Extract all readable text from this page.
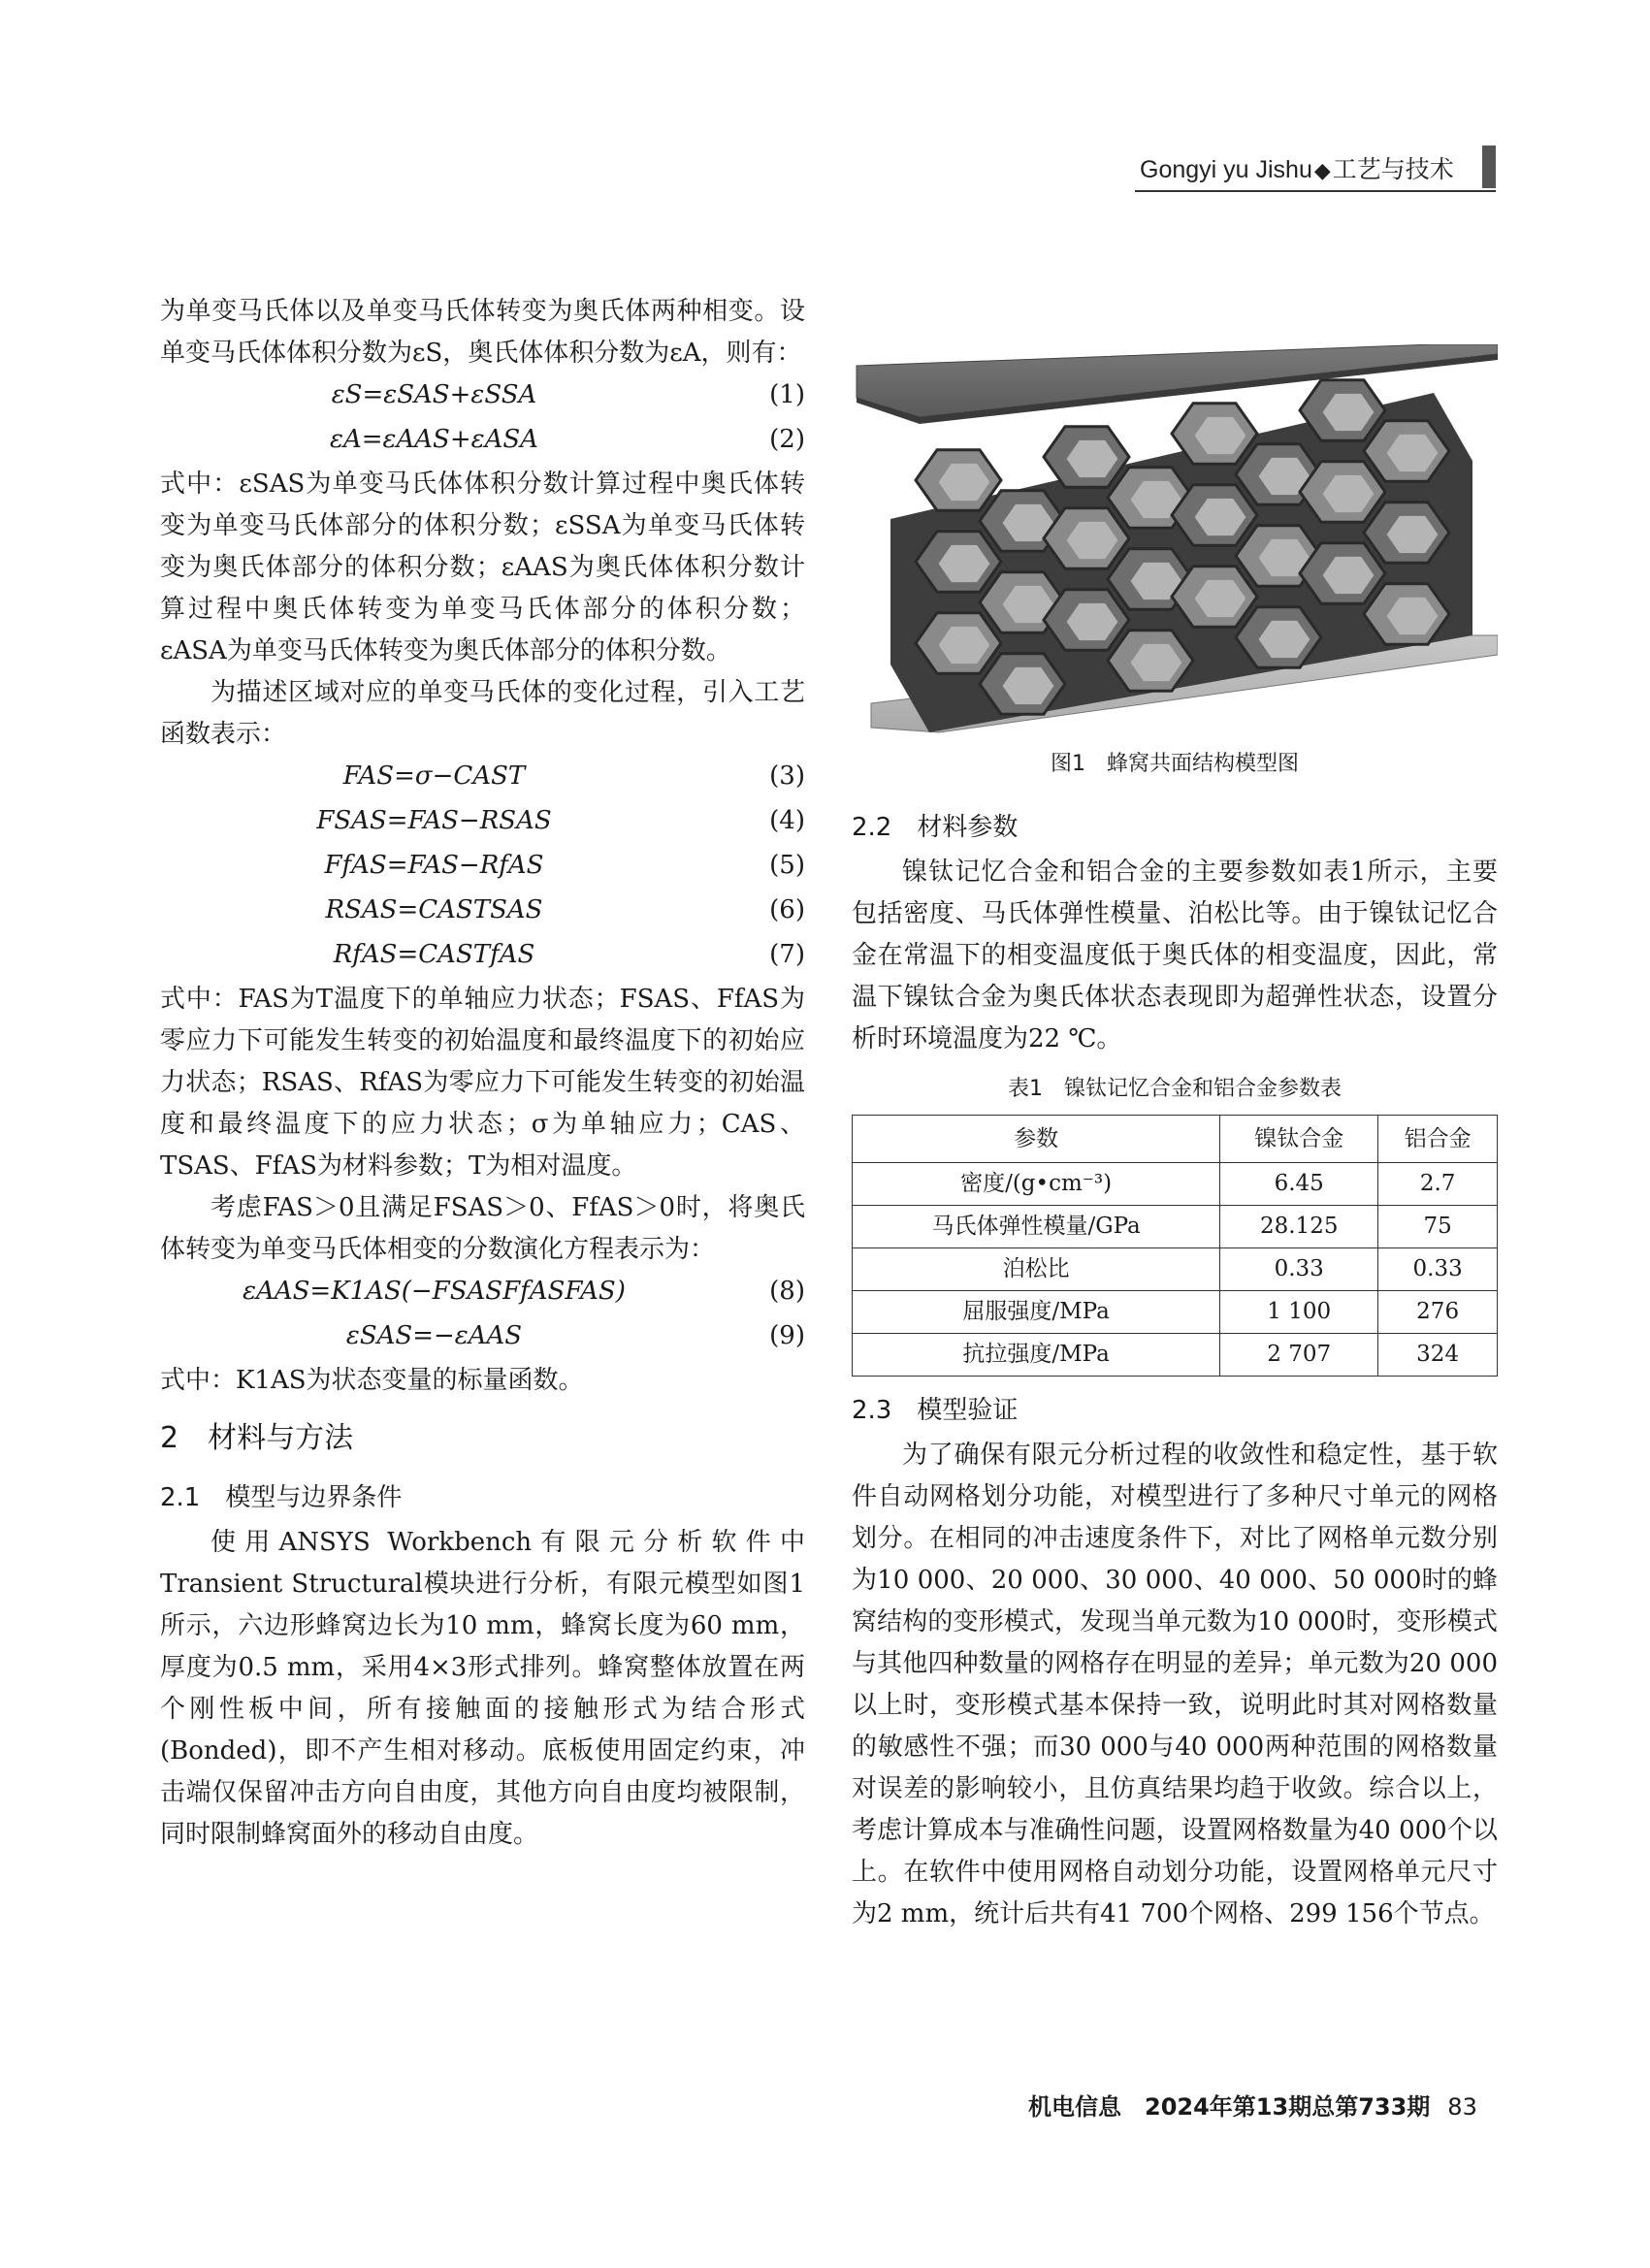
Gongyi yu Jishu◆工艺与技术

为单变马氏体以及单变马氏体转变为奥氏体两种相变。设单变马氏体体积分数为εS，奥氏体体积分数为εA，则有：

εS=εSAS+εSSA	(1)
εA=εAAS+εASA	(2)

式中：εSAS为单变马氏体体积分数计算过程中奥氏体转变为单变马氏体部分的体积分数；εSSA为单变马氏体转变为奥氏体部分的体积分数；εAAS为奥氏体体积分数计算过程中奥氏体转变为单变马氏体部分的体积分数；εASA为单变马氏体转变为奥氏体部分的体积分数。

为描述区域对应的单变马氏体的变化过程，引入工艺函数表示：

FAS=σ−CAST	(3)
FSAS=FAS−RSAS	(4)
FfAS=FAS−RfAS	(5)
RSAS=CASTSAS	(6)
RfAS=CASTfAS	(7)

式中：FAS为T温度下的单轴应力状态；FSAS、FfAS为零应力下可能发生转变的初始温度和最终温度下的初始应力状态；RSAS、RfAS为零应力下可能发生转变的初始温度和最终温度下的应力状态；σ为单轴应力；CAS、TSAS、FfAS为材料参数；T为相对温度。

考虑FAS＞0且满足FSAS＞0、FfAS＞0时，将奥氏体转变为单变马氏体相变的分数演化方程表示为：

εAAS=K1AS(−FSASFfASFAS)	(8)
εSAS=−εAAS	(9)

式中：K1AS为状态变量的标量函数。

2　材料与方法
2.1　模型与边界条件

使用ANSYS Workbench有限元分析软件中Transient Structural模块进行分析，有限元模型如图1所示，六边形蜂窝边长为10 mm，蜂窝长度为60 mm，厚度为0.5 mm，采用4×3形式排列。蜂窝整体放置在两个刚性板中间，所有接触面的接触形式为结合形式(Bonded)，即不产生相对移动。底板使用固定约束，冲击端仅保留冲击方向自由度，其他方向自由度均被限制，同时限制蜂窝面外的移动自由度。

图1　蜂窝共面结构模型图
2.2　材料参数

镍钛记忆合金和铝合金的主要参数如表1所示，主要包括密度、马氏体弹性模量、泊松比等。由于镍钛记忆合金在常温下的相变温度低于奥氏体的相变温度，因此，常温下镍钛合金为奥氏体状态表现即为超弹性状态，设置分析时环境温度为22 ℃。

表1　镍钛记忆合金和铝合金参数表
参数	镍钛合金	铝合金
密度/(g•cm⁻³)	6.45	2.7
马氏体弹性模量/GPa	28.125	75
泊松比	0.33	0.33
屈服强度/MPa	1 100	276
抗拉强度/MPa	2 707	324
2.3　模型验证

为了确保有限元分析过程的收敛性和稳定性，基于软件自动网格划分功能，对模型进行了多种尺寸单元的网格划分。在相同的冲击速度条件下，对比了网格单元数分别为10 000、20 000、30 000、40 000、50 000时的蜂窝结构的变形模式，发现当单元数为10 000时，变形模式与其他四种数量的网格存在明显的差异；单元数为20 000以上时，变形模式基本保持一致，说明此时其对网格数量的敏感性不强；而30 000与40 000两种范围的网格数量对误差的影响较小，且仿真结果均趋于收敛。综合以上，考虑计算成本与准确性问题，设置网格数量为40 000个以上。在软件中使用网格自动划分功能，设置网格单元尺寸为2 mm，统计后共有41 700个网格、299 156个节点。

机电信息　2024年第13期总第733期 83
